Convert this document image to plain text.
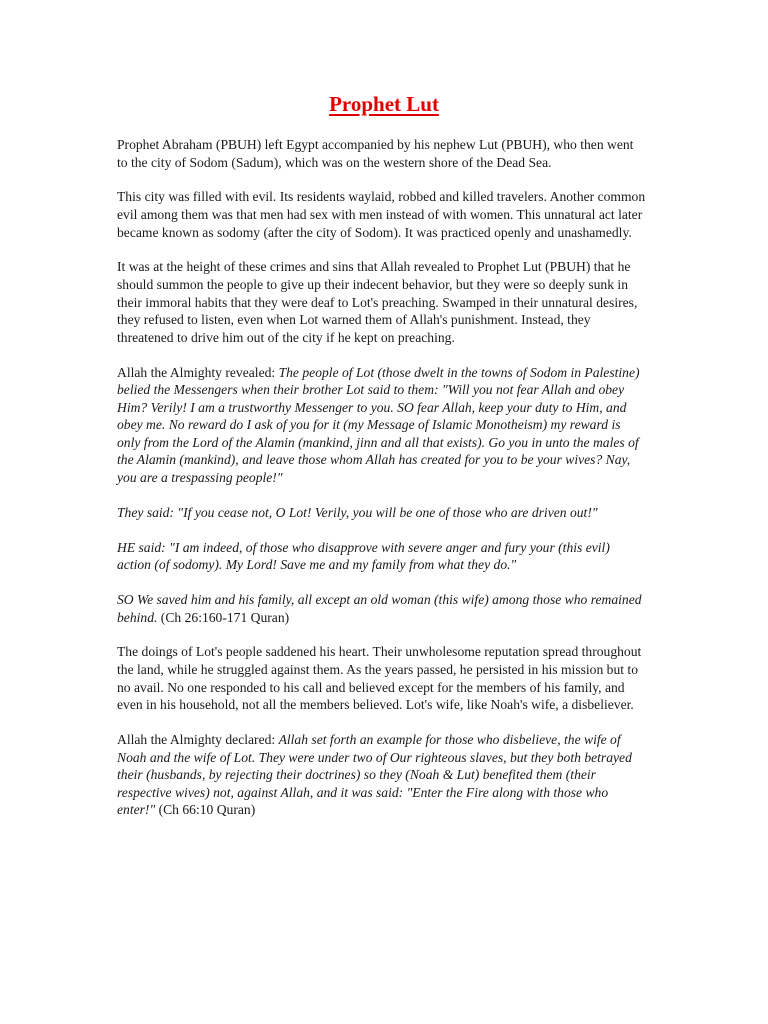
Prophet Lut

Prophet Abraham (PBUH) left Egypt accompanied by his nephew Lut (PBUH), who then went to the city of Sodom (Sadum), which was on the western shore of the Dead Sea.

This city was filled with evil. Its residents waylaid, robbed and killed travelers. Another common evil among them was that men had sex with men instead of with women. This unnatural act later became known as sodomy (after the city of Sodom). It was practiced openly and unashamedly.

It was at the height of these crimes and sins that Allah revealed to Prophet Lut (PBUH) that he should summon the people to give up their indecent behavior, but they were so deeply sunk in their immoral habits that they were deaf to Lot's preaching. Swamped in their unnatural desires, they refused to listen, even when Lot warned them of Allah's punishment. Instead, they threatened to drive him out of the city if he kept on preaching.

Allah the Almighty revealed: The people of Lot (those dwelt in the towns of Sodom in Palestine) belied the Messengers when their brother Lot said to them: "Will you not fear Allah and obey Him? Verily! I am a trustworthy Messenger to you. SO fear Allah, keep your duty to Him, and obey me. No reward do I ask of you for it (my Message of Islamic Monotheism) my reward is only from the Lord of the Alamin (mankind, jinn and all that exists). Go you in unto the males of the Alamin (mankind), and leave those whom Allah has created for you to be your wives? Nay, you are a trespassing people!"

They said: "If you cease not, O Lot! Verily, you will be one of those who are driven out!"

HE said: "I am indeed, of those who disapprove with severe anger and fury your (this evil) action (of sodomy). My Lord! Save me and my family from what they do."

SO We saved him and his family, all except an old woman (this wife) among those who remained behind. (Ch 26:160-171 Quran)

The doings of Lot's people saddened his heart. Their unwholesome reputation spread throughout the land, while he struggled against them. As the years passed, he persisted in his mission but to no avail. No one responded to his call and believed except for the members of his family, and even in his household, not all the members believed. Lot's wife, like Noah's wife, a disbeliever.

Allah the Almighty declared: Allah set forth an example for those who disbelieve, the wife of Noah and the wife of Lot. They were under two of Our righteous slaves, but they both betrayed their (husbands, by rejecting their doctrines) so they (Noah & Lut) benefited them (their respective wives) not, against Allah, and it was said: "Enter the Fire along with those who enter!" (Ch 66:10 Quran)
